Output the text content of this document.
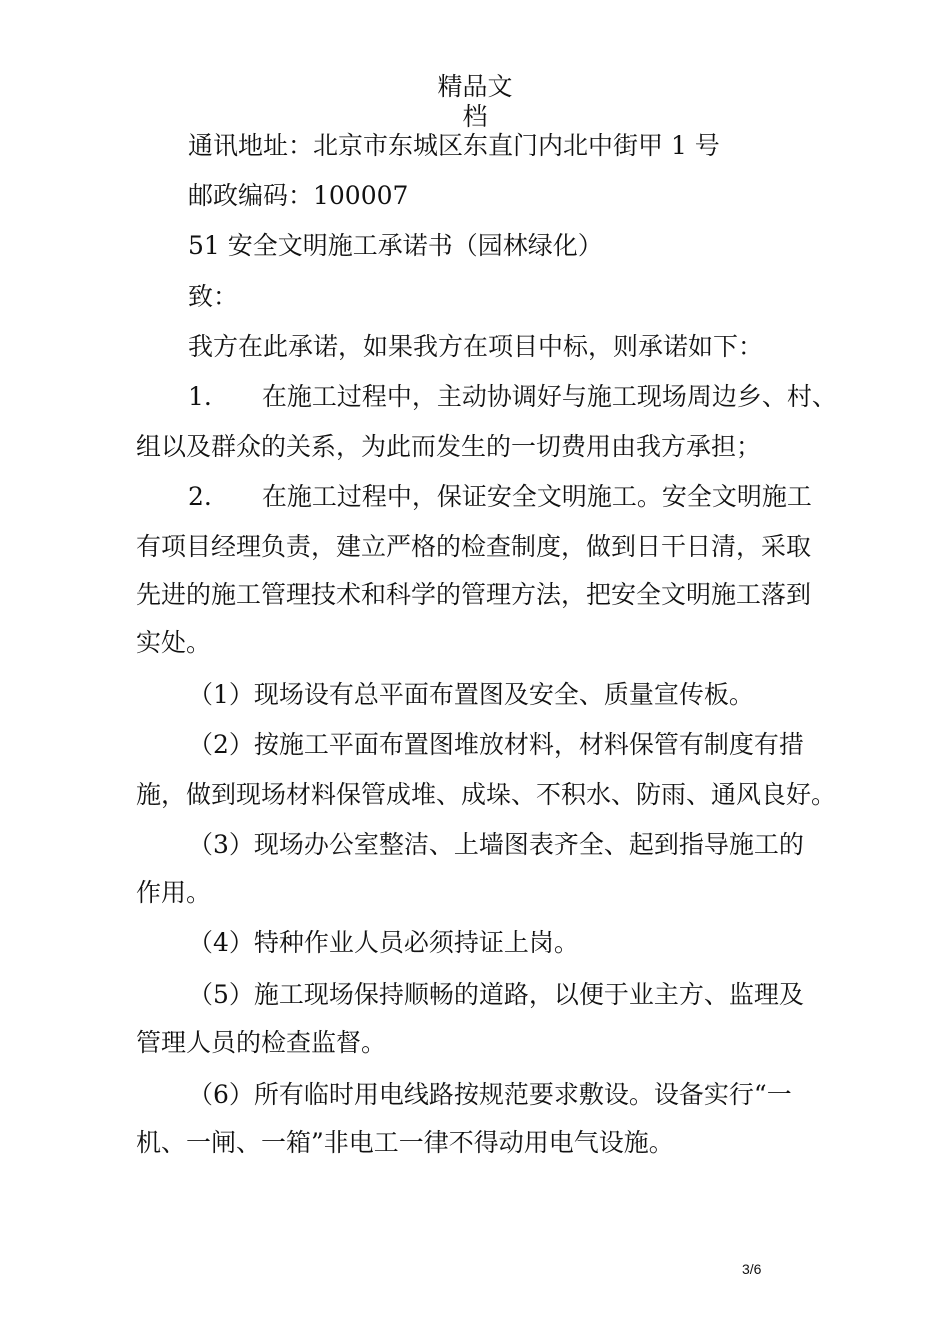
精品文
档
通讯地址：北京市东城区东直门内北中街甲 1 号
邮政编码：100007
51 安全文明施工承诺书（园林绿化）
致：
我方在此承诺，如果我方在项目中标，则承诺如下：
1.　　在施工过程中，主动协调好与施工现场周边乡、村、
组以及群众的关系，为此而发生的一切费用由我方承担；
2.　　在施工过程中，保证安全文明施工。安全文明施工
有项目经理负责，建立严格的检查制度，做到日干日清，采取
先进的施工管理技术和科学的管理方法，把安全文明施工落到
实处。
（1）现场设有总平面布置图及安全、质量宣传板。
（2）按施工平面布置图堆放材料，材料保管有制度有措
施，做到现场材料保管成堆、成垛、不积水、防雨、通风良好。
（3）现场办公室整洁、上墙图表齐全、起到指导施工的
作用。
（4）特种作业人员必须持证上岗。
（5）施工现场保持顺畅的道路，以便于业主方、监理及
管理人员的检查监督。
（6）所有临时用电线路按规范要求敷设。设备实行“一
机、一闸、一箱”非电工一律不得动用电气设施。
3/6
